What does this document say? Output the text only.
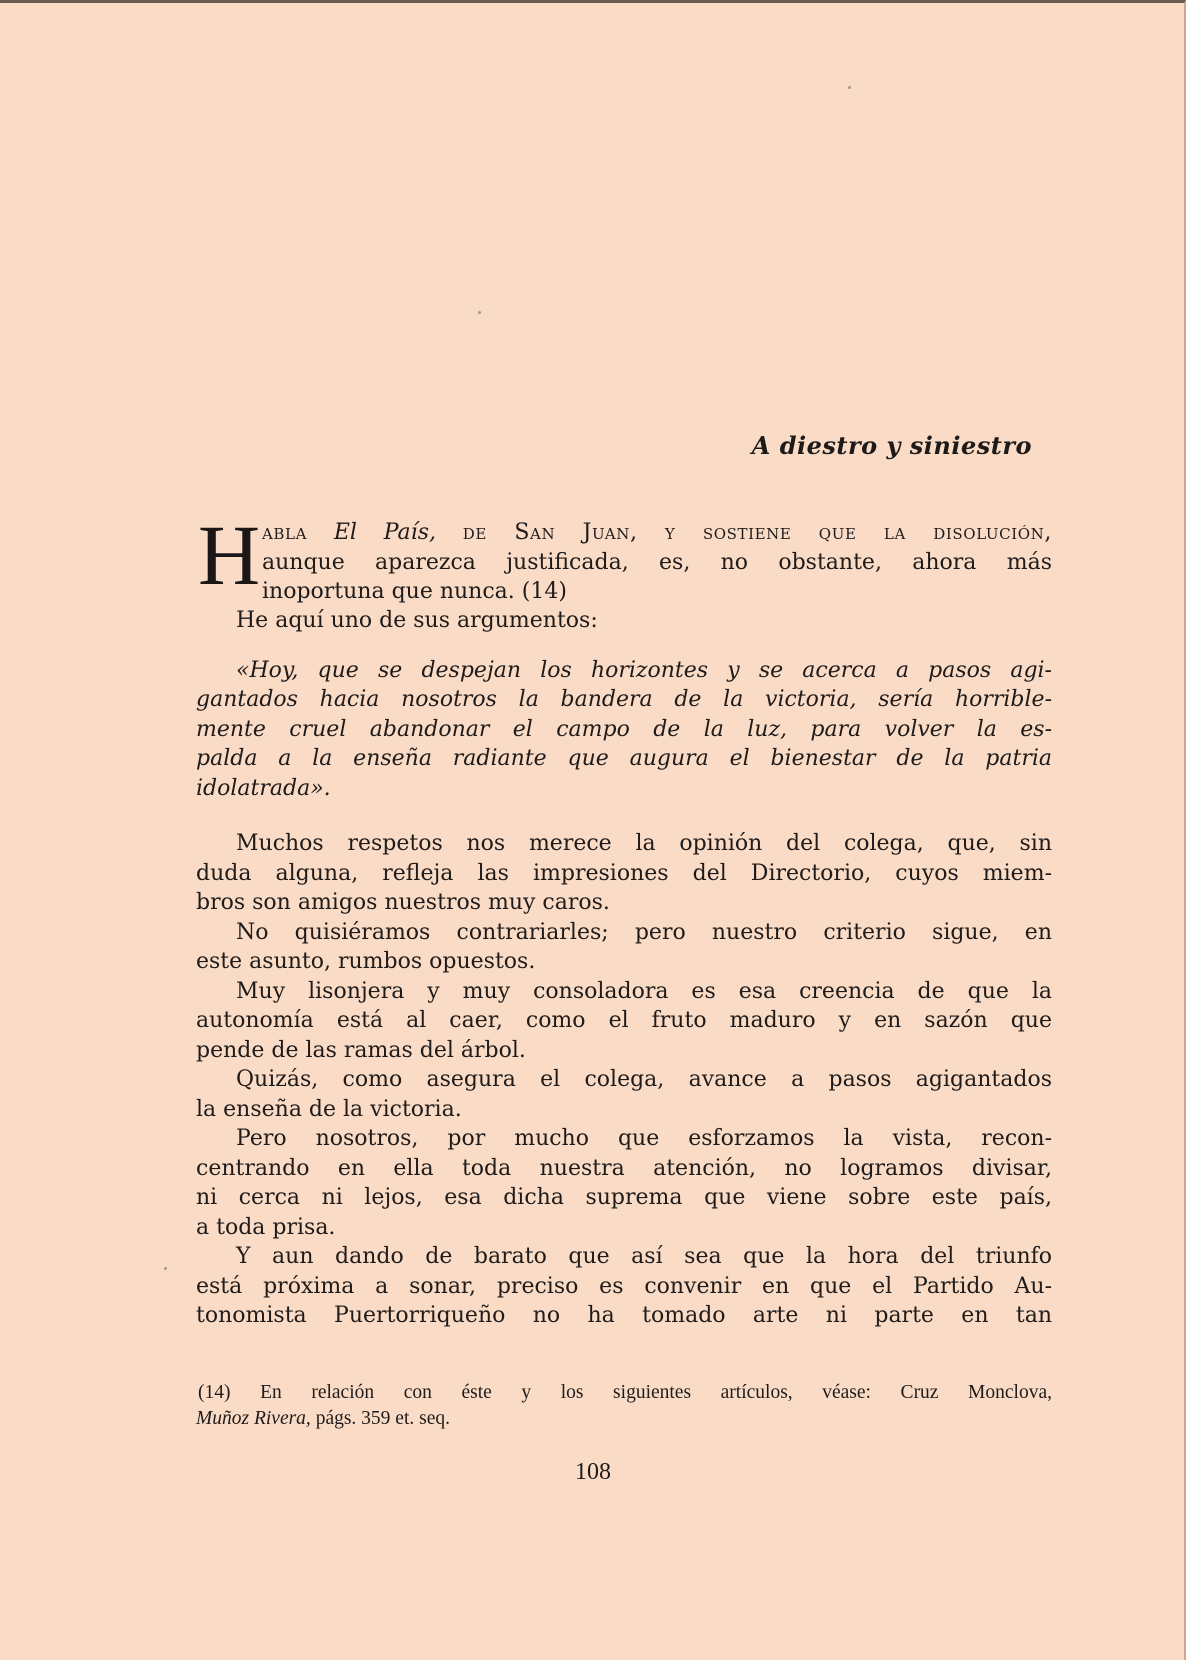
A diestro y siniestro
H abla El País, de San Juan, y sostiene que la disolución,
aunque aparezca justificada, es, no obstante, ahora más
inoportuna que nunca. (14)
He aquí uno de sus argumentos:
«Hoy, que se despejan los horizontes y se acerca a pasos agi-
gantados hacia nosotros la bandera de la victoria, sería horrible-
mente cruel abandonar el campo de la luz, para volver la es-
palda a la enseña radiante que augura el bienestar de la patria
idolatrada».
Muchos respetos nos merece la opinión del colega, que, sin
duda alguna, refleja las impresiones del Directorio, cuyos miem-
bros son amigos nuestros muy caros.
No quisiéramos contrariarles; pero nuestro criterio sigue, en
este asunto, rumbos opuestos.
Muy lisonjera y muy consoladora es esa creencia de que la
autonomía está al caer, como el fruto maduro y en sazón que
pende de las ramas del árbol.
Quizás, como asegura el colega, avance a pasos agigantados
la enseña de la victoria.
Pero nosotros, por mucho que esforzamos la vista, recon-
centrando en ella toda nuestra atención, no logramos divisar,
ni cerca ni lejos, esa dicha suprema que viene sobre este país,
a toda prisa.
Y aun dando de barato que así sea que la hora del triunfo
está próxima a sonar, preciso es convenir en que el Partido Au-
tonomista Puertorriqueño no ha tomado arte ni parte en tan
(14) En relación con éste y los siguientes artículos, véase: Cruz Monclova,
Muñoz Rivera, págs. 359 et. seq.
108
